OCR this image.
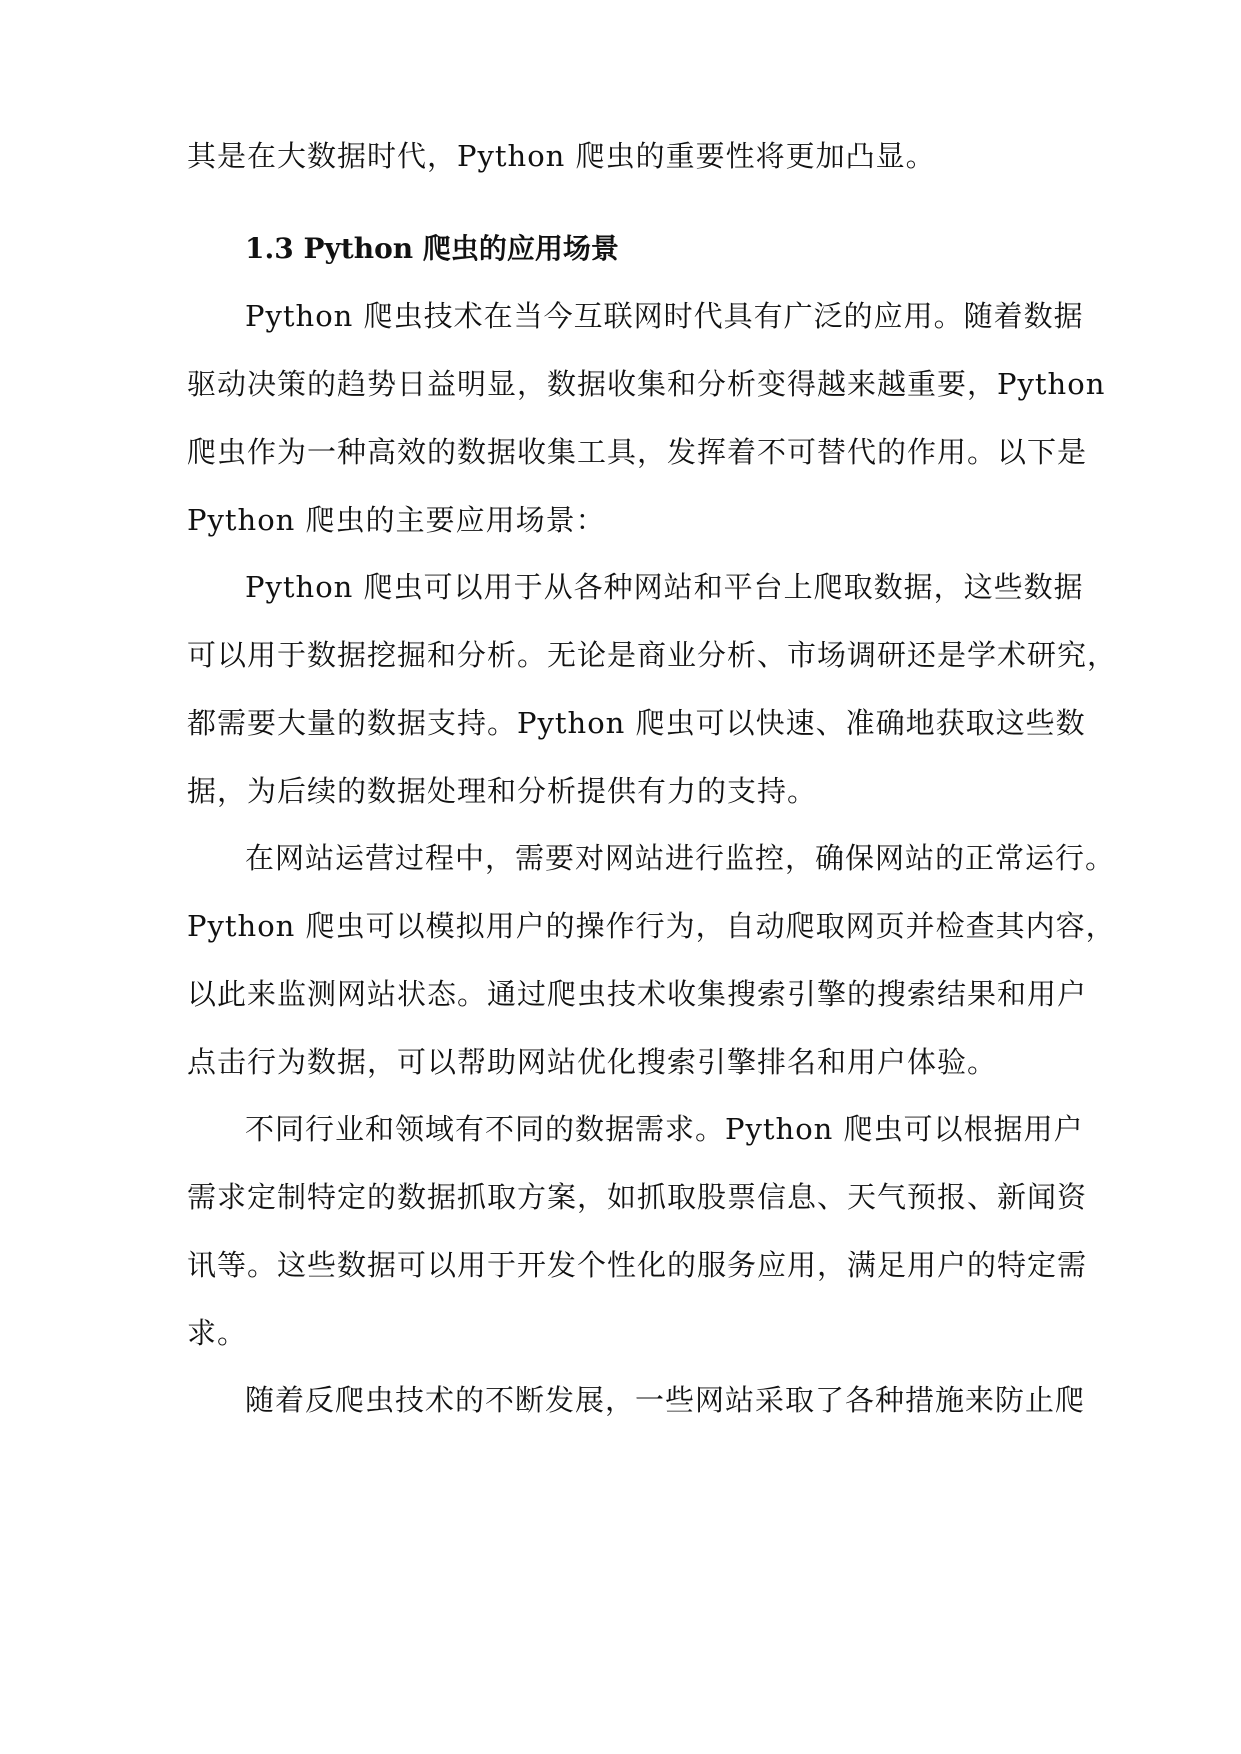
其是在大数据时代，Python 爬虫的重要性将更加凸显。
1.3 Python 爬虫的应用场景
Python 爬虫技术在当今互联网时代具有广泛的应用。随着数据
驱动决策的趋势日益明显，数据收集和分析变得越来越重要，Python
爬虫作为一种高效的数据收集工具，发挥着不可替代的作用。以下是
Python 爬虫的主要应用场景：
Python 爬虫可以用于从各种网站和平台上爬取数据，这些数据
可以用于数据挖掘和分析。无论是商业分析、市场调研还是学术研究，
都需要大量的数据支持。Python 爬虫可以快速、准确地获取这些数
据，为后续的数据处理和分析提供有力的支持。
在网站运营过程中，需要对网站进行监控，确保网站的正常运行。
Python 爬虫可以模拟用户的操作行为，自动爬取网页并检查其内容，
以此来监测网站状态。通过爬虫技术收集搜索引擎的搜索结果和用户
点击行为数据，可以帮助网站优化搜索引擎排名和用户体验。
不同行业和领域有不同的数据需求。Python 爬虫可以根据用户
需求定制特定的数据抓取方案，如抓取股票信息、天气预报、新闻资
讯等。这些数据可以用于开发个性化的服务应用，满足用户的特定需
求。
随着反爬虫技术的不断发展，一些网站采取了各种措施来防止爬
